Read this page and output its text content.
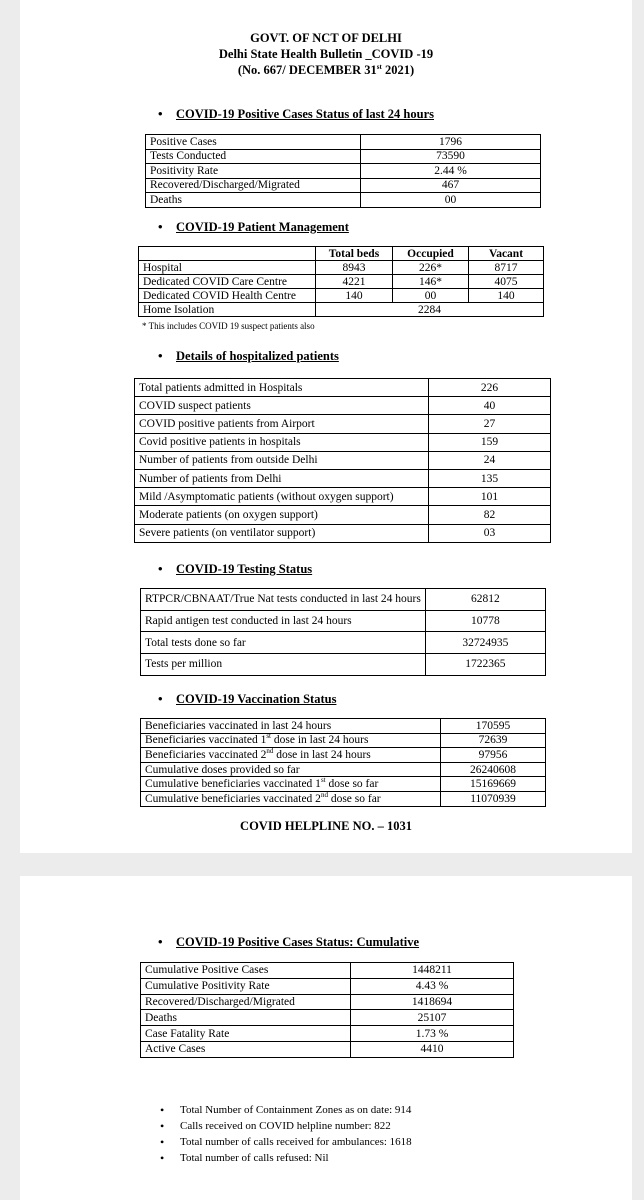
GOVT. OF NCT OF DELHI
Delhi State Health Bulletin _COVID -19
(No. 667/ DECEMBER 31st 2021)
• COVID-19 Positive Cases Status of last 24 hours
Positive Cases	1796
Tests Conducted	73590
Positivity Rate	2.44 %
Recovered/Discharged/Migrated	467
Deaths	00
• COVID-19 Patient Management
	Total beds	Occupied	Vacant
Hospital	8943	226*	8717
Dedicated COVID Care Centre	4221	146*	4075
Dedicated COVID Health Centre	140	00	140
Home Isolation	2284		
* This includes COVID 19 suspect patients also
• Details of hospitalized patients
Total patients admitted in Hospitals	226
COVID suspect patients	40
COVID positive patients from Airport	27
Covid positive patients in hospitals	159
Number of patients from outside Delhi	24
Number of patients from Delhi	135
Mild /Asymptomatic patients (without oxygen support)	101
Moderate patients (on oxygen support)	82
Severe patients (on ventilator support)	03
• COVID-19 Testing Status
RTPCR/CBNAAT/True Nat tests conducted in last 24 hours	62812
Rapid antigen test conducted in last 24 hours	10778
Total tests done so far	32724935
Tests per million	1722365
• COVID-19 Vaccination Status
Beneficiaries vaccinated in last 24 hours	170595
Beneficiaries vaccinated 1st dose in last 24 hours	72639
Beneficiaries vaccinated 2nd dose in last 24 hours	97956
Cumulative doses provided so far	26240608
Cumulative beneficiaries vaccinated 1st dose so far	15169669
Cumulative beneficiaries vaccinated 2nd dose so far	11070939
COVID HELPLINE NO. – 1031
• COVID-19 Positive Cases Status: Cumulative
Cumulative Positive Cases	1448211
Cumulative Positivity Rate	4.43 %
Recovered/Discharged/Migrated	1418694
Deaths	25107
Case Fatality Rate	1.73 %
Active Cases	4410
• Total Number of Containment Zones as on date: 914
• Calls received on COVID helpline number: 822
• Total number of calls received for ambulances: 1618
• Total number of calls refused: Nil
